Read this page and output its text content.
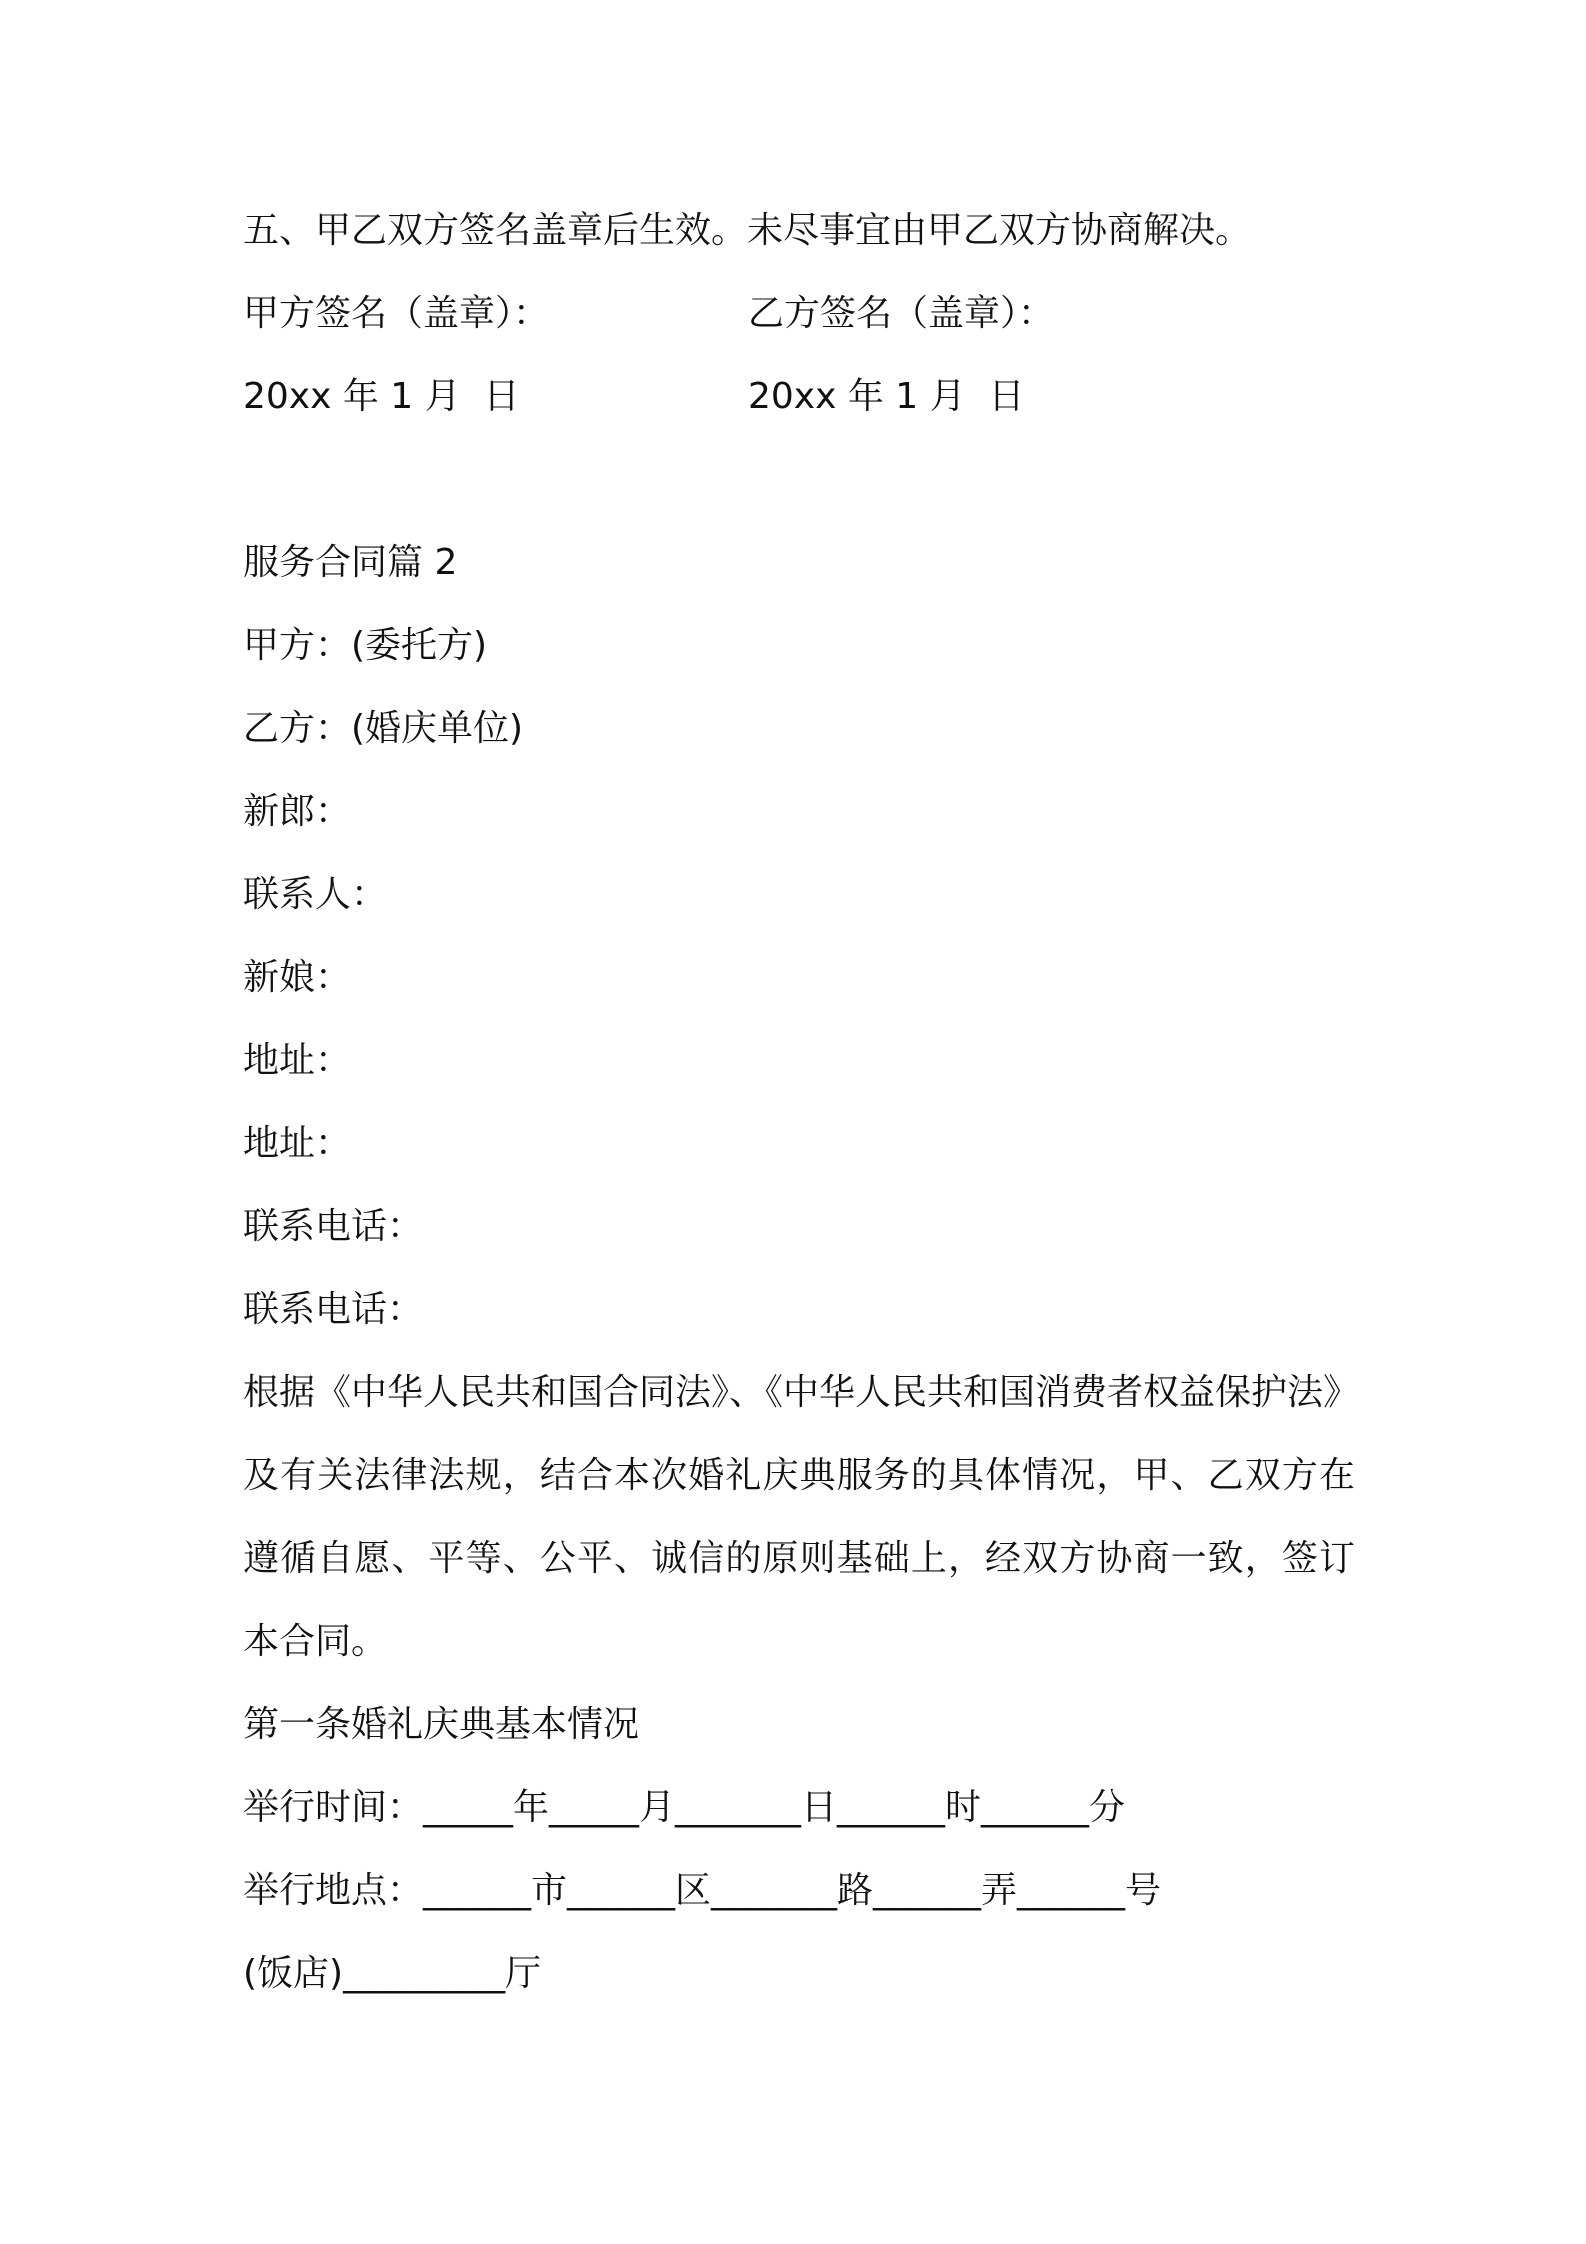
五、甲乙双方签名盖章后生效。未尽事宜由甲乙双方协商解决。
甲方签名（盖章）：	乙方签名（盖章）：
20xx 年 1 月  日	20xx 年 1 月  日
服务合同篇 2
甲方：(委托方)
乙方：(婚庆单位)
新郎：
联系人：
新娘：
地址：
地址：
联系电话：
联系电话：
根据《中华人民共和国合同法》、《中华人民共和国消费者权益保护法》
及有关法律法规，结合本次婚礼庆典服务的具体情况，甲、乙双方在
遵循自愿、平等、公平、诚信的原则基础上，经双方协商一致，签订
本合同。
第一条婚礼庆典基本情况
举行时间：_____年_____月_______日______时______分
举行地点：______市______区_______路______弄______号
(饭店)_________厅
